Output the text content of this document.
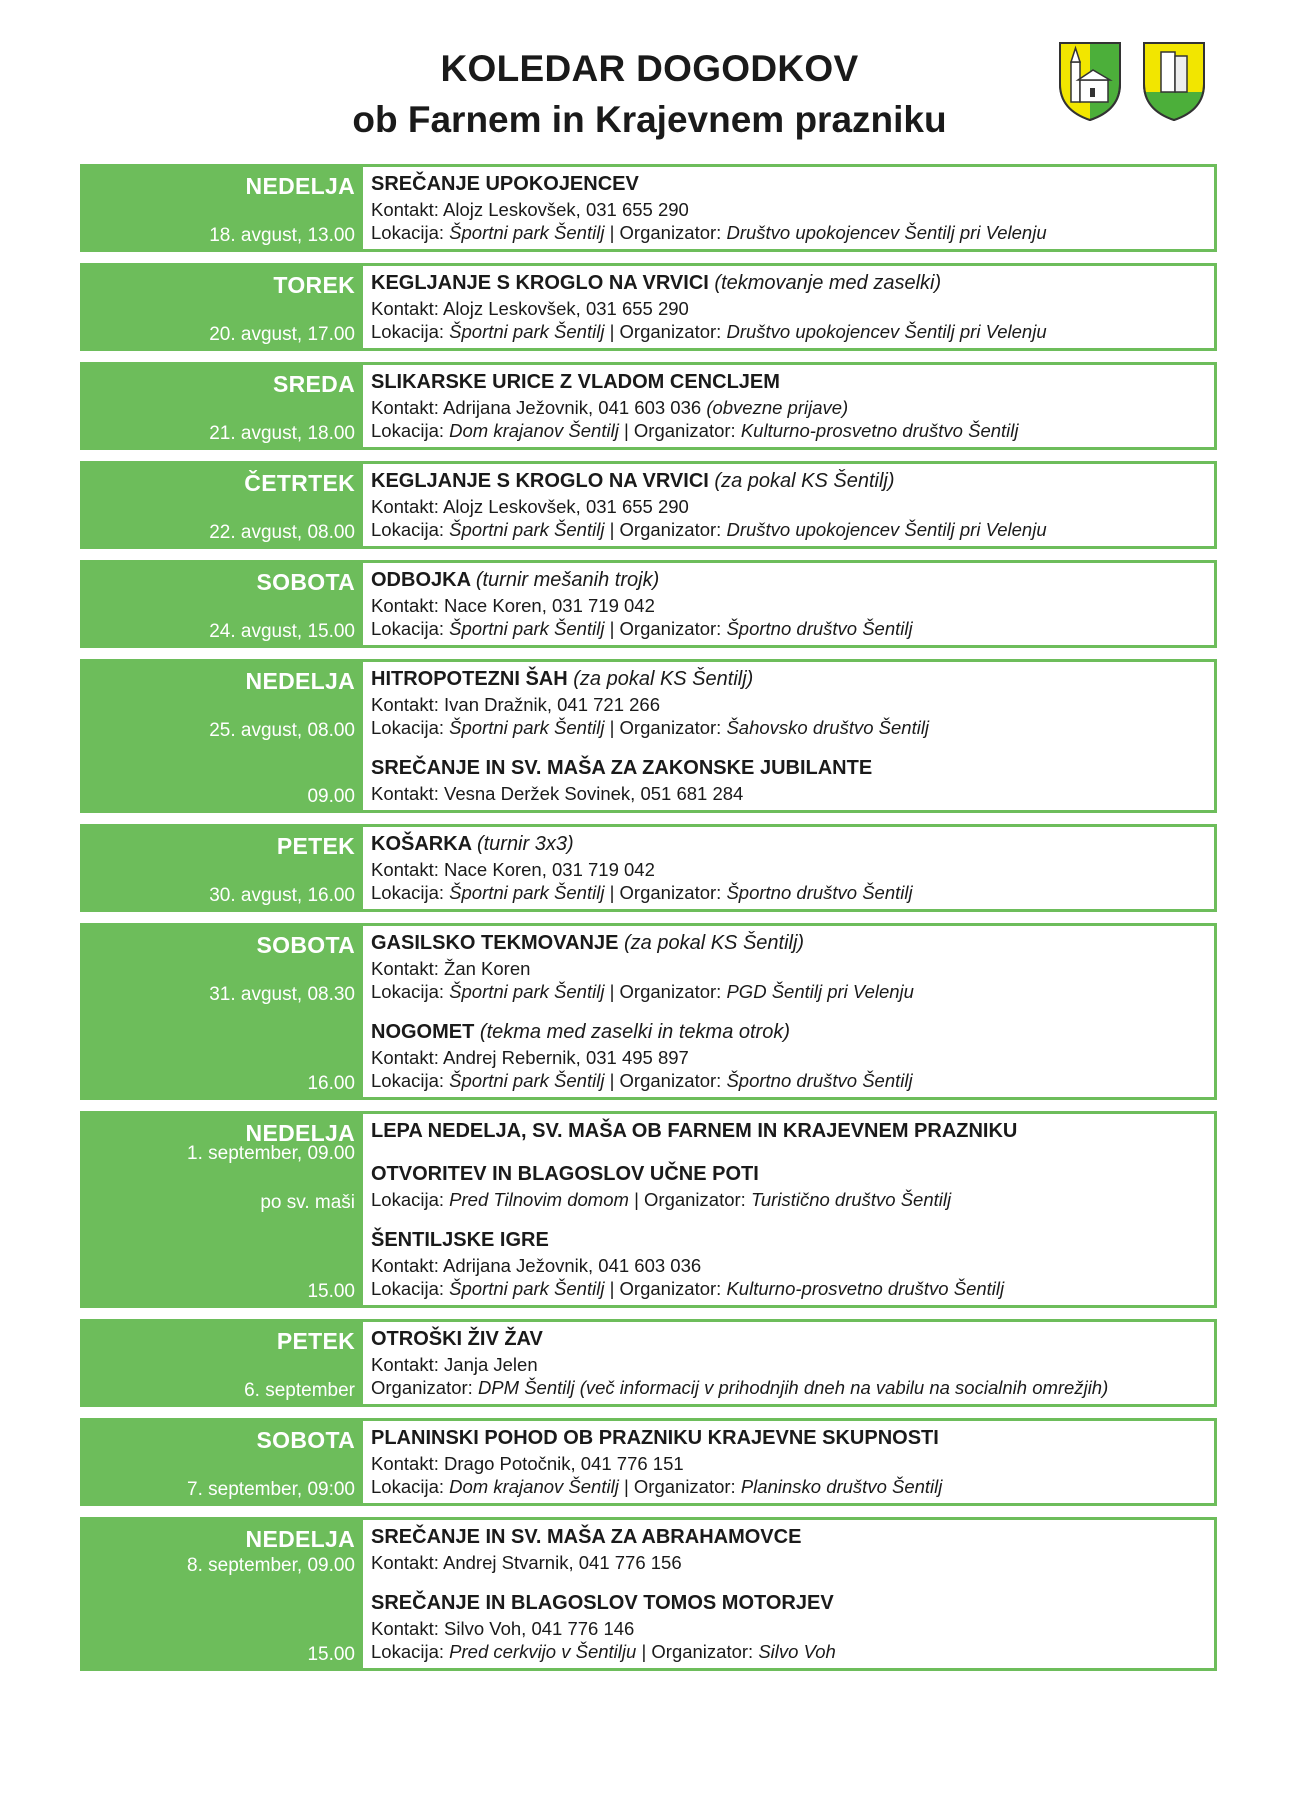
KOLEDAR DOGODKOV
ob Farnem in Krajevnem prazniku
NEDELJA
18. avgust, 13.00
SREČANJE UPOKOJENCEV
Kontakt: Alojz Leskovšek, 031 655 290
Lokacija: Športni park Šentilj | Organizator: Društvo upokojencev Šentilj pri Velenju
TOREK
20. avgust, 17.00
KEGLJANJE S KROGLO NA VRVICI (tekmovanje med zaselki)
Kontakt: Alojz Leskovšek, 031 655 290
Lokacija: Športni park Šentilj | Organizator: Društvo upokojencev Šentilj pri Velenju
SREDA
21. avgust, 18.00
SLIKARSKE URICE Z VLADOM CENCLJEM
Kontakt: Adrijana Ježovnik, 041 603 036 (obvezne prijave)
Lokacija: Dom krajanov Šentilj | Organizator: Kulturno-prosvetno društvo Šentilj
ČETRTEK
22. avgust, 08.00
KEGLJANJE S KROGLO NA VRVICI (za pokal KS Šentilj)
Kontakt: Alojz Leskovšek, 031 655 290
Lokacija: Športni park Šentilj | Organizator: Društvo upokojencev Šentilj pri Velenju
SOBOTA
24. avgust, 15.00
ODBOJKA (turnir mešanih trojk)
Kontakt: Nace Koren, 031 719 042
Lokacija: Športni park Šentilj | Organizator: Športno društvo Šentilj
NEDELJA
25. avgust, 08.00
09.00
HITROPOTEZNI ŠAH (za pokal KS Šentilj)
Kontakt: Ivan Dražnik, 041 721 266
Lokacija: Športni park Šentilj | Organizator: Šahovsko društvo Šentilj
SREČANJE IN SV. MAŠA ZA ZAKONSKE JUBILANTE
Kontakt: Vesna Deržek Sovinek, 051 681 284
PETEK
30. avgust, 16.00
KOŠARKA (turnir 3x3)
Kontakt: Nace Koren, 031 719 042
Lokacija: Športni park Šentilj | Organizator: Športno društvo Šentilj
SOBOTA
31. avgust, 08.30
16.00
GASILSKO TEKMOVANJE (za pokal KS Šentilj)
Kontakt: Žan Koren
Lokacija: Športni park Šentilj | Organizator: PGD Šentilj pri Velenju
NOGOMET (tekma med zaselki in tekma otrok)
Kontakt: Andrej Rebernik, 031 495 897
Lokacija: Športni park Šentilj | Organizator: Športno društvo Šentilj
NEDELJA
1. september, 09.00
po sv. maši
15.00
LEPA NEDELJA, SV. MAŠA OB FARNEM IN KRAJEVNEM PRAZNIKU
OTVORITEV IN BLAGOSLOV UČNE POTI
Lokacija: Pred Tilnovim domom | Organizator: Turistično društvo Šentilj
ŠENTILJSKE IGRE
Kontakt: Adrijana Ježovnik, 041 603 036
Lokacija: Športni park Šentilj | Organizator: Kulturno-prosvetno društvo Šentilj
PETEK
6. september
OTROŠKI ŽIV ŽAV
Kontakt: Janja Jelen
Organizator: DPM Šentilj (več informacij v prihodnjih dneh na vabilu na socialnih omrežjih)
SOBOTA
7. september, 09:00
PLANINSKI POHOD OB PRAZNIKU KRAJEVNE SKUPNOSTI
Kontakt: Drago Potočnik, 041 776 151
Lokacija: Dom krajanov Šentilj | Organizator: Planinsko društvo Šentilj
NEDELJA
8. september, 09.00
15.00
SREČANJE IN SV. MAŠA ZA ABRAHAMOVCE
Kontakt: Andrej Stvarnik, 041 776 156
SREČANJE IN BLAGOSLOV TOMOS MOTORJEV
Kontakt: Silvo Voh, 041 776 146
Lokacija: Pred cerkvijo v Šentilju | Organizator: Silvo Voh
